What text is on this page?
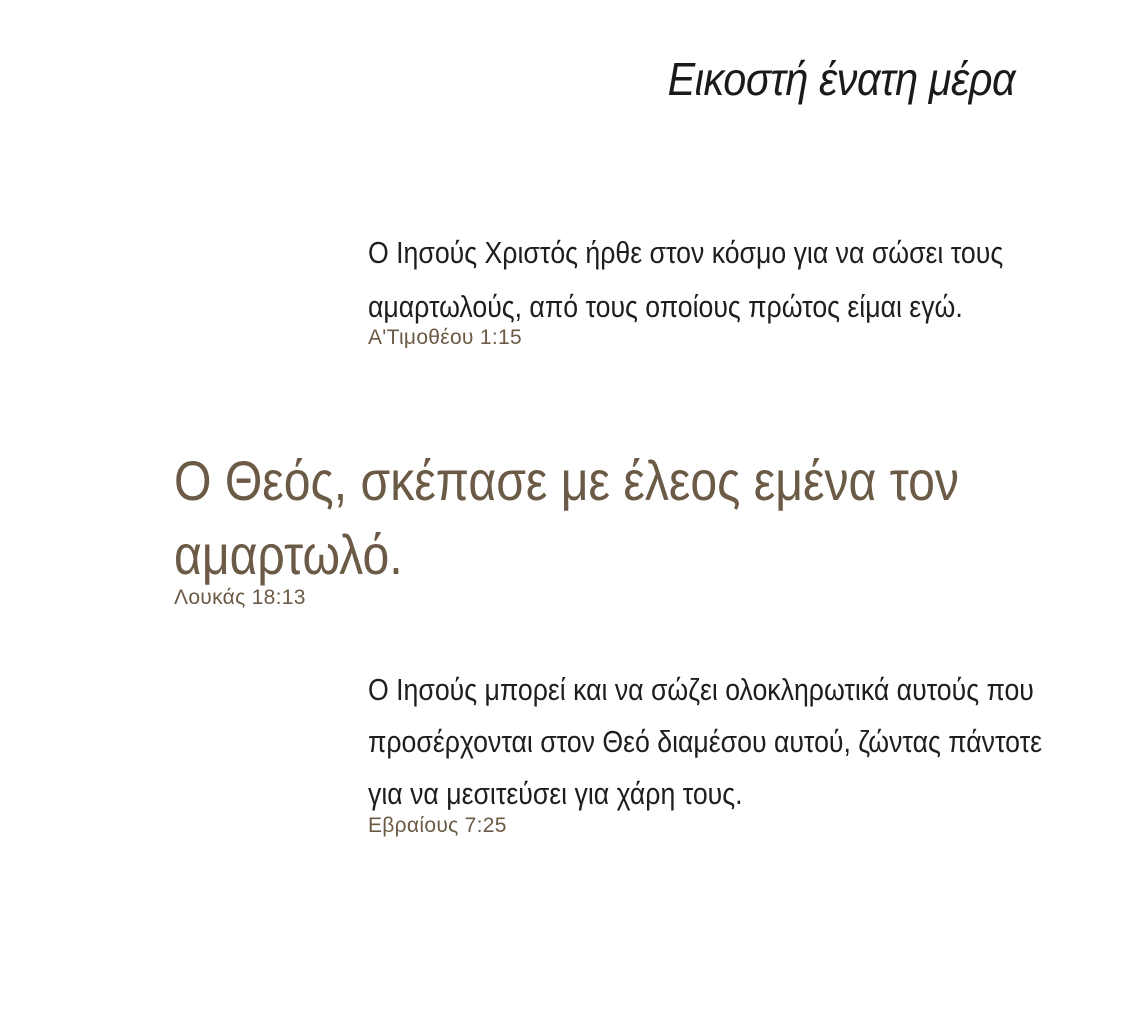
Εικοστή ένατη μέρα
Ο Ιησούς Χριστός ήρθε στον κόσμο για να σώσει τους αμαρτωλούς, από τους οποίους πρώτος είμαι εγώ.
Α'Τιμοθέου 1:15
Ο Θεός, σκέπασε με έλεος εμένα τον αμαρτωλό.
Λουκάς 18:13
Ο Ιησούς μπορεί και να σώζει ολοκληρωτικά αυτούς που προσέρχονται στον Θεό διαμέσου αυτού, ζώντας πάντοτε για να μεσιτεύσει για χάρη τους.
Εβραίους 7:25
